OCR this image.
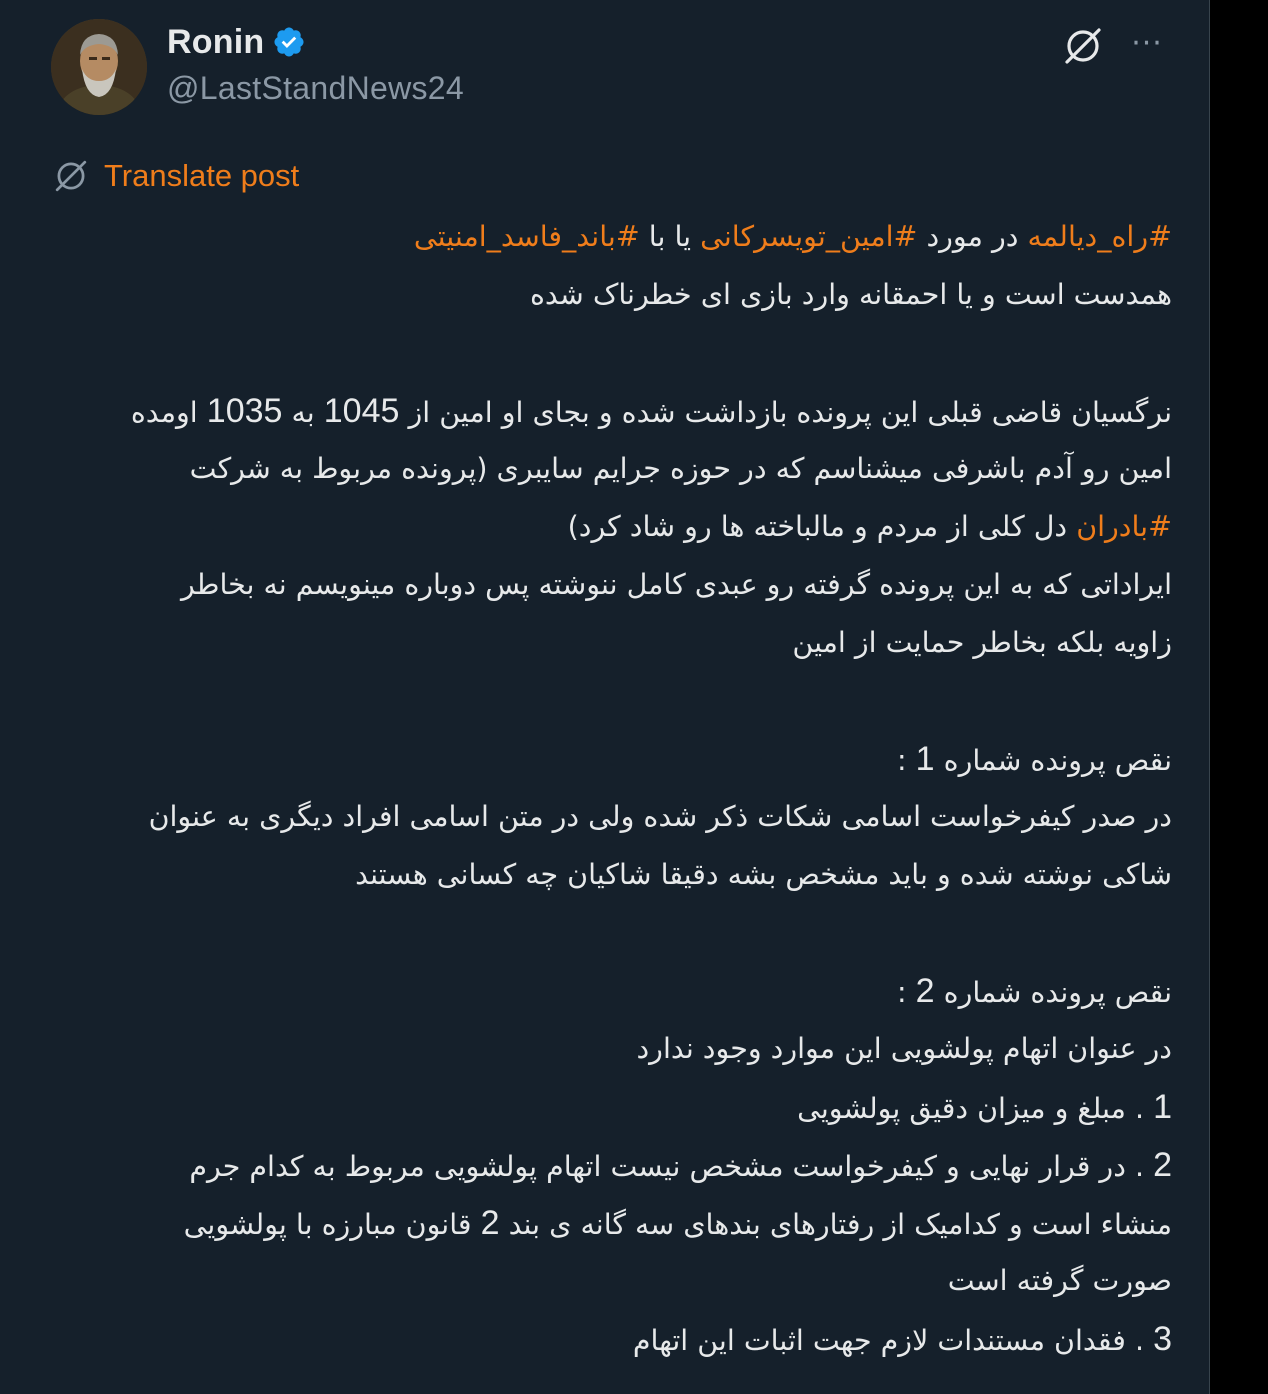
Ronin
@LastStandNews24
···
Translate post
#راه_دیالمه در مورد #امین_تویسرکانی یا با #باند_فاسد_امنیتی
همدست است و یا احمقانه وارد بازی ای خطرناک شده
نرگسیان قاضی قبلی این پرونده بازداشت شده و بجای او امین از 1045 به 1035 اومده
امین رو آدم باشرفی میشناسم که در حوزه جرایم سایبری (پرونده مربوط به شرکت
#بادران دل کلی از مردم و مالباخته ها رو شاد کرد)
ایراداتی که به این پرونده گرفته رو عبدی کامل ننوشته پس دوباره مینویسم نه بخاطر
زاویه بلکه بخاطر حمایت از امین
نقص پرونده شماره 1 :
در صدر کیفرخواست اسامی شکات ذکر شده ولی در متن اسامی افراد دیگری به عنوان
شاکی نوشته شده و باید مشخص بشه دقیقا شاکیان چه کسانی هستند
نقص پرونده شماره 2 :
در عنوان اتهام پولشویی این موارد وجود ندارد
1 . مبلغ و میزان دقیق پولشویی
2 . در قرار نهایی و کیفرخواست مشخص نیست اتهام پولشویی مربوط به کدام جرم
منشاء است و کدامیک از رفتارهای بندهای سه گانه ی بند 2 قانون مبارزه با پولشویی
صورت گرفته است
3 . فقدان مستندات لازم جهت اثبات این اتهام
